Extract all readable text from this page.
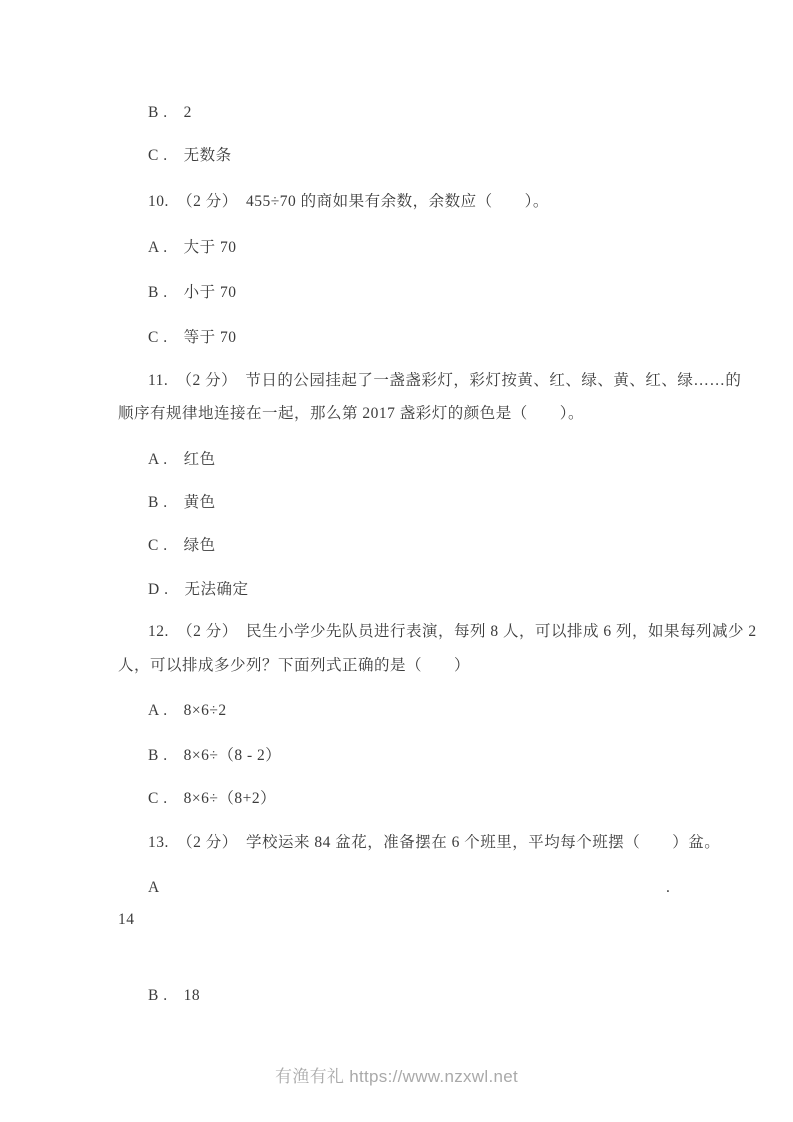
B .　2
C .　无数条
10.　（2 分）　455÷70 的商如果有余数，余数应（　　）。
A .　大于 70
B .　小于 70
C .　等于 70
11.　（2 分）　节日的公园挂起了一盏盏彩灯，彩灯按黄、红、绿、黄、红、绿……的
顺序有规律地连接在一起，那么第 2017 盏彩灯的颜色是（　　）。
A .　红色
B .　黄色
C .　绿色
D .　无法确定
12.　（2 分）　民生小学少先队员进行表演，每列 8 人，可以排成 6 列，如果每列减少 2
人，可以排成多少列？下面列式正确的是（　　）
A .　8×6÷2
B .　8×6÷（8 - 2）
C .　8×6÷（8+2）
13.　（2 分）　学校运来 84 盆花，准备摆在 6 个班里，平均每个班摆（　　）盆。
A	.
14
B .　18
有渔有礼 https://www.nzxwl.net
